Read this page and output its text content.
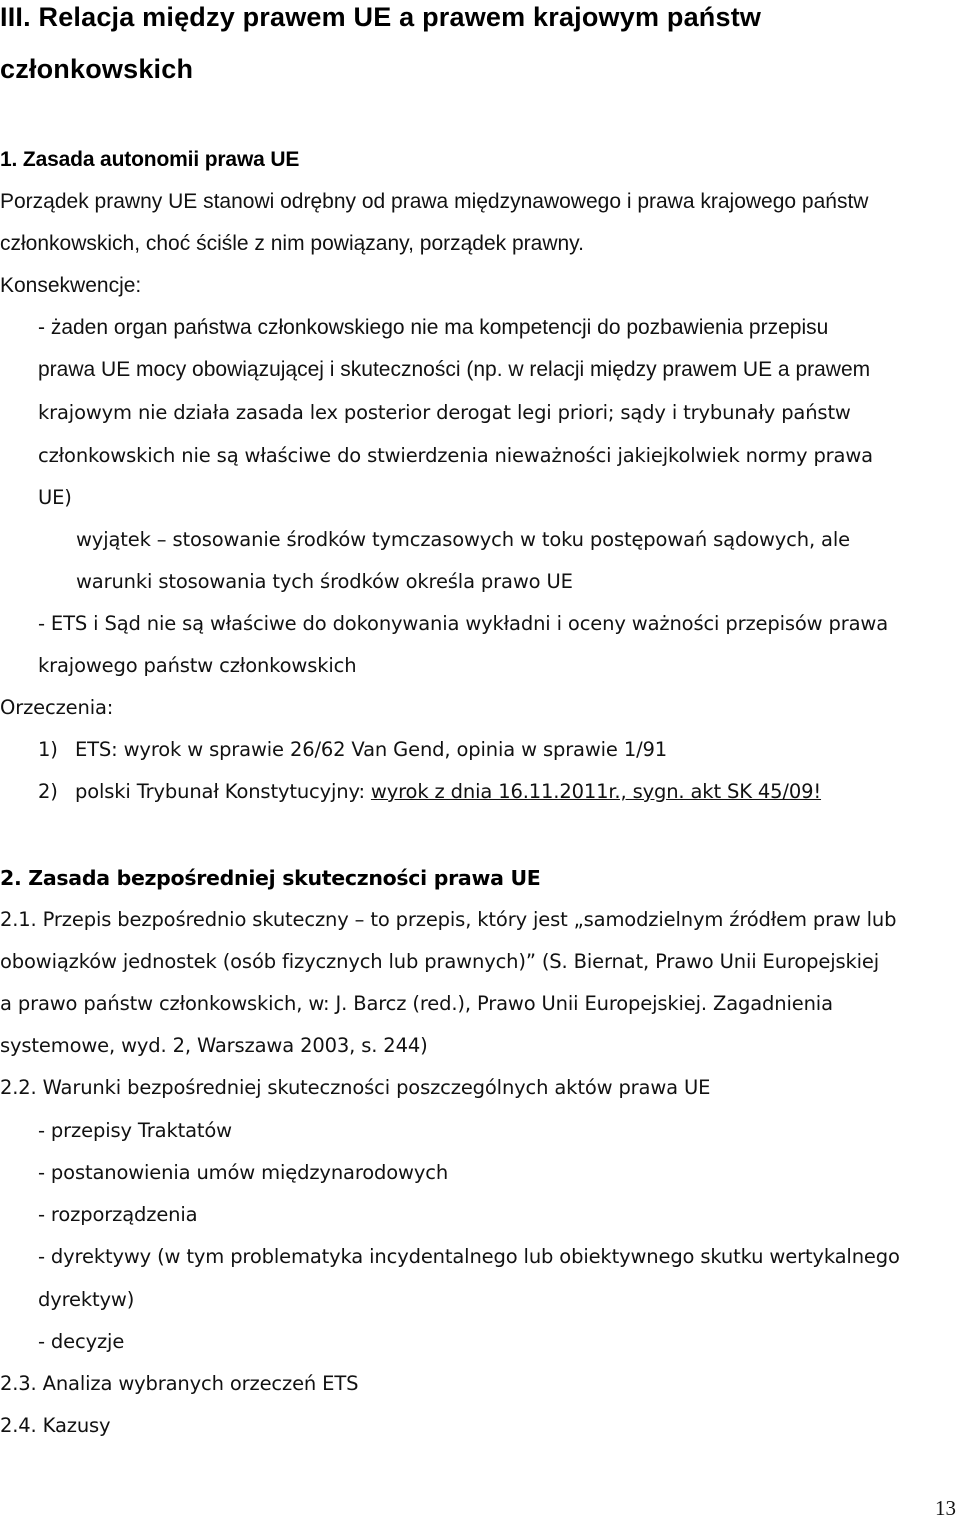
III. Relacja między prawem UE a prawem krajowym państw
członkowskich
1. Zasada autonomii prawa UE
Porządek prawny UE stanowi odrębny od prawa międzynawowego i prawa krajowego państw
członkowskich, choć ściśle z nim powiązany, porządek prawny.
Konsekwencje:
- żaden organ państwa członkowskiego nie ma kompetencji do pozbawienia przepisu
prawa UE mocy obowiązującej i skuteczności (np. w relacji między prawem UE a prawem
krajowym nie działa zasada lex posterior derogat legi priori; sądy i trybunały państw
członkowskich nie są właściwe do stwierdzenia nieważności jakiejkolwiek normy prawa
UE)
wyjątek – stosowanie środków tymczasowych w toku postępowań sądowych, ale
warunki stosowania tych środków określa prawo UE
- ETS i Sąd nie są właściwe do dokonywania wykładni i oceny ważności przepisów prawa
krajowego państw członkowskich
Orzeczenia:
1) ETS: wyrok w sprawie 26/62 Van Gend, opinia w sprawie 1/91
2) polski Trybunał Konstytucyjny: wyrok z dnia 16.11.2011r., sygn. akt SK 45/09!
2. Zasada bezpośredniej skuteczności prawa UE
2.1. Przepis bezpośrednio skuteczny – to przepis, który jest „samodzielnym źródłem praw lub
obowiązków jednostek (osób fizycznych lub prawnych)” (S. Biernat, Prawo Unii Europejskiej
a prawo państw członkowskich, w: J. Barcz (red.), Prawo Unii Europejskiej. Zagadnienia
systemowe, wyd. 2, Warszawa 2003, s. 244)
2.2. Warunki bezpośredniej skuteczności poszczególnych aktów prawa UE
- przepisy Traktatów
- postanowienia umów międzynarodowych
- rozporządzenia
- dyrektywy (w tym problematyka incydentalnego lub obiektywnego skutku wertykalnego
dyrektyw)
- decyzje
2.3. Analiza wybranych orzeczeń ETS
2.4. Kazusy
13
